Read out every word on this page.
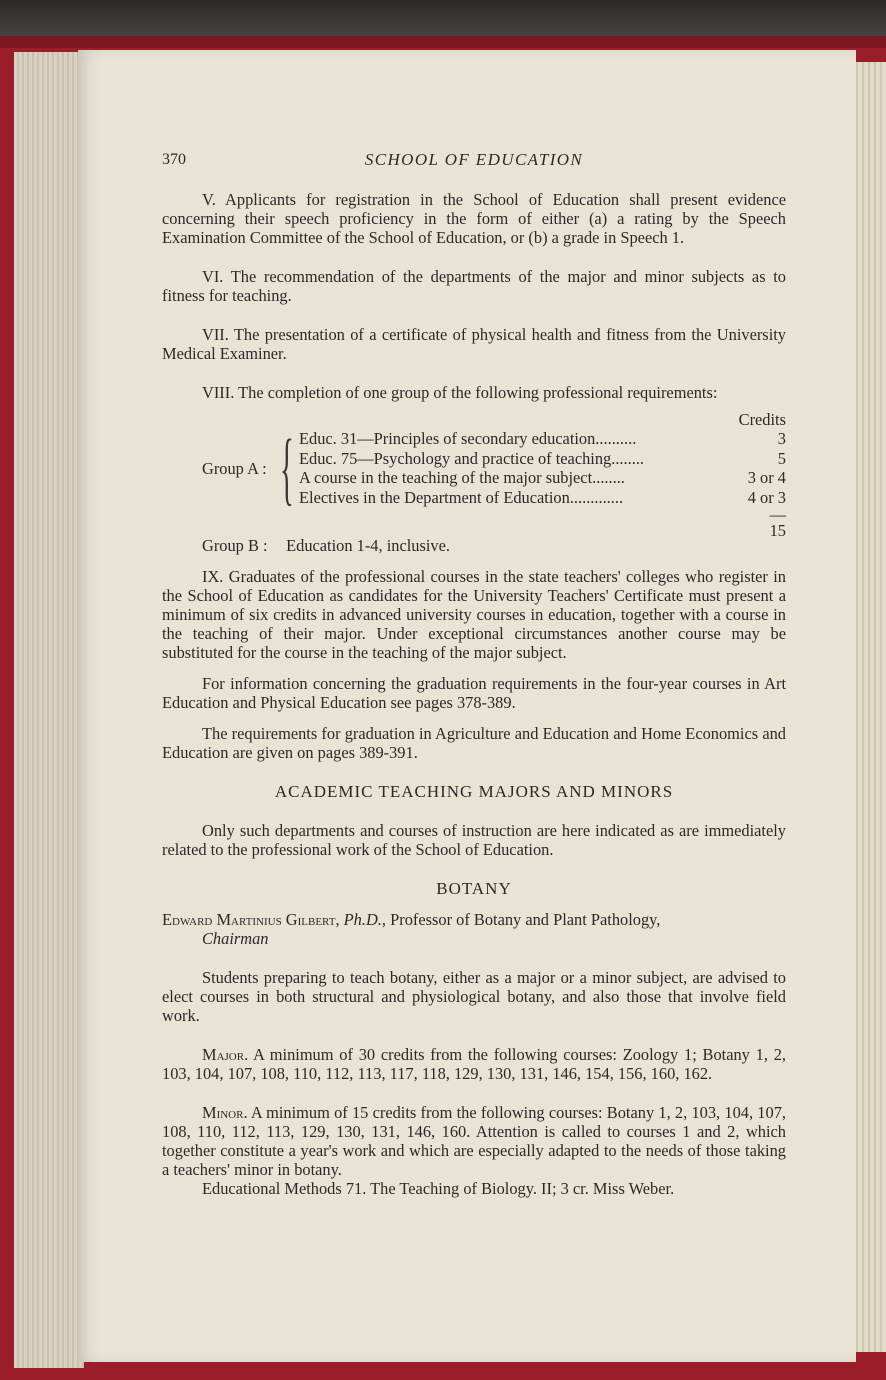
370	SCHOOL OF EDUCATION

V. Applicants for registration in the School of Education shall present evidence concerning their speech proficiency in the form of either (a) a rating by the Speech Examination Committee of the School of Education, or (b) a grade in Speech 1.

VI. The recommendation of the departments of the major and minor subjects as to fitness for teaching.

VII. The presentation of a certificate of physical health and fitness from the University Medical Examiner.

VIII. The completion of one group of the following professional requirements:

Credits
Group A : { Educ. 31—Principles of secondary education..........	3
Educ. 75—Psychology and practice of teaching........	5
A course in the teaching of the major subject........	3 or 4
Electives in the Department of Education.............	4 or 3
—
15
Group B : Education 1-4, inclusive.

IX. Graduates of the professional courses in the state teachers' colleges who register in the School of Education as candidates for the University Teachers' Certificate must present a minimum of six credits in advanced university courses in education, together with a course in the teaching of their major. Under exceptional circumstances another course may be substituted for the course in the teaching of the major subject.

For information concerning the graduation requirements in the four-year courses in Art Education and Physical Education see pages 378-389.

The requirements for graduation in Agriculture and Education and Home Economics and Education are given on pages 389-391.

ACADEMIC TEACHING MAJORS AND MINORS

Only such departments and courses of instruction are here indicated as are immediately related to the professional work of the School of Education.

BOTANY

Edward Martinius Gilbert, Ph.D., Professor of Botany and Plant Pathology,

Chairman

Students preparing to teach botany, either as a major or a minor subject, are advised to elect courses in both structural and physiological botany, and also those that involve field work.

Major. A minimum of 30 credits from the following courses: Zoology 1; Botany 1, 2, 103, 104, 107, 108, 110, 112, 113, 117, 118, 129, 130, 131, 146, 154, 156, 160, 162.

Minor. A minimum of 15 credits from the following courses: Botany 1, 2, 103, 104, 107, 108, 110, 112, 113, 129, 130, 131, 146, 160. Attention is called to courses 1 and 2, which together constitute a year's work and which are especially adapted to the needs of those taking a teachers' minor in botany.

Educational Methods 71. The Teaching of Biology. II; 3 cr. Miss Weber.
